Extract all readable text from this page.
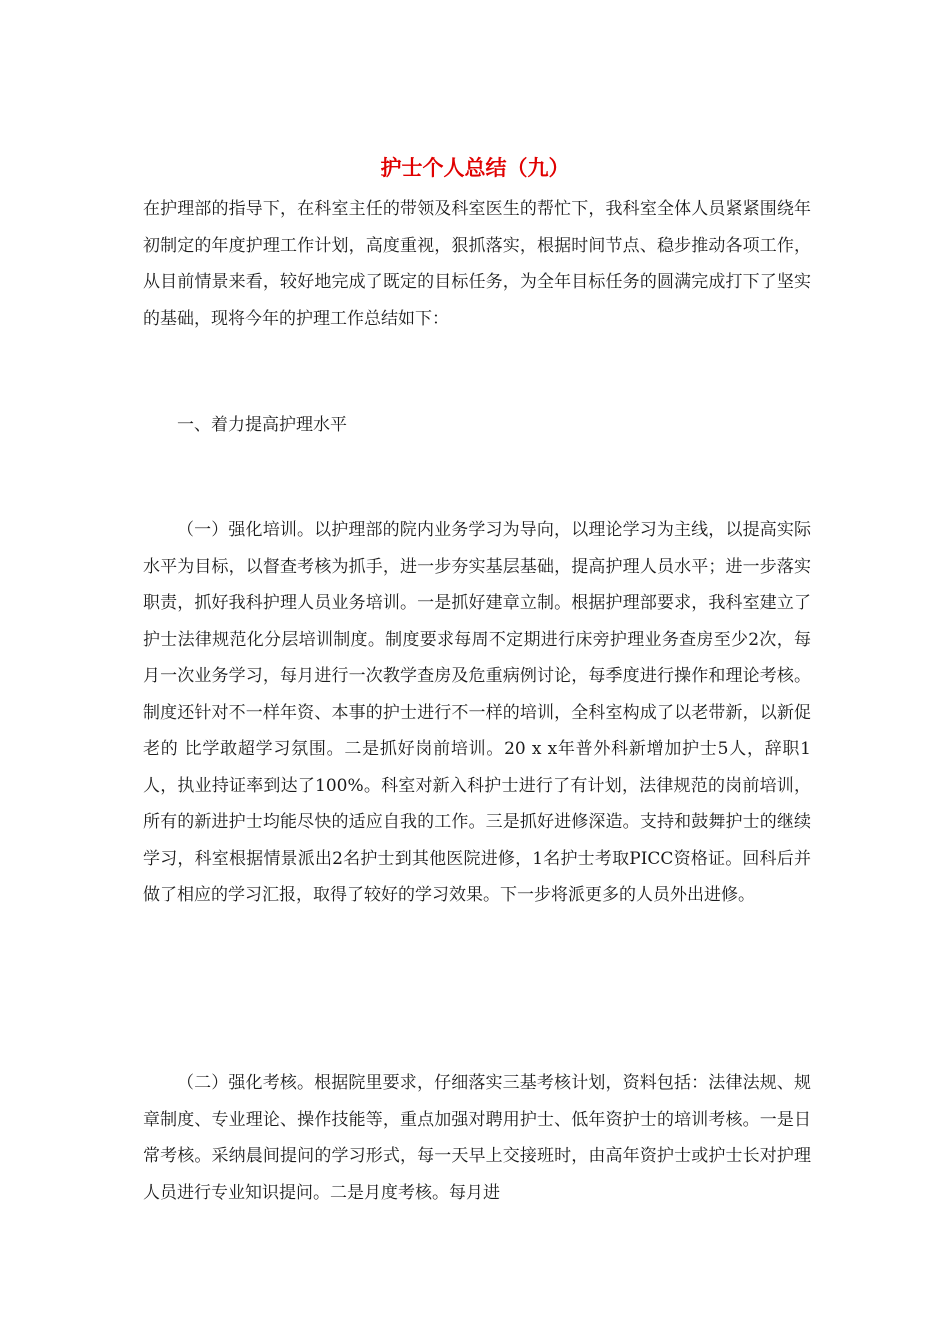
护士个人总结（九）

在护理部的指导下，在科室主任的带领及科室医生的帮忙下，我科室全体人员紧紧围绕年初制定的年度护理工作计划，高度重视，狠抓落实，根据时间节点、稳步推动各项工作，从目前情景来看，较好地完成了既定的目标任务，为全年目标任务的圆满完成打下了坚实的基础，现将今年的护理工作总结如下：

一、着力提高护理水平

（一）强化培训。以护理部的院内业务学习为导向，以理论学习为主线，以提高实际水平为目标，以督查考核为抓手，进一步夯实基层基础，提高护理人员水平；进一步落实职责，抓好我科护理人员业务培训。一是抓好建章立制。根据护理部要求，我科室建立了护士法律规范化分层培训制度。制度要求每周不定期进行床旁护理业务查房至少2次，每月一次业务学习，每月进行一次教学查房及危重病例讨论，每季度进行操作和理论考核。制度还针对不一样年资、本事的护士进行不一样的培训，全科室构成了以老带新，以新促老的 比学敢超学习氛围。二是抓好岗前培训。20 x x年普外科新增加护士5人，辞职1人，执业持证率到达了100%。科室对新入科护士进行了有计划，法律规范的岗前培训，所有的新进护士均能尽快的适应自我的工作。三是抓好进修深造。支持和鼓舞护士的继续学习，科室根据情景派出2名护士到其他医院进修，1名护士考取PICC资格证。回科后并做了相应的学习汇报，取得了较好的学习效果。下一步将派更多的人员外出进修。

（二）强化考核。根据院里要求，仔细落实三基考核计划，资料包括：法律法规、规章制度、专业理论、操作技能等，重点加强对聘用护士、低年资护士的培训考核。一是日常考核。采纳晨间提问的学习形式，每一天早上交接班时，由高年资护士或护士长对护理人员进行专业知识提问。二是月度考核。每月进
